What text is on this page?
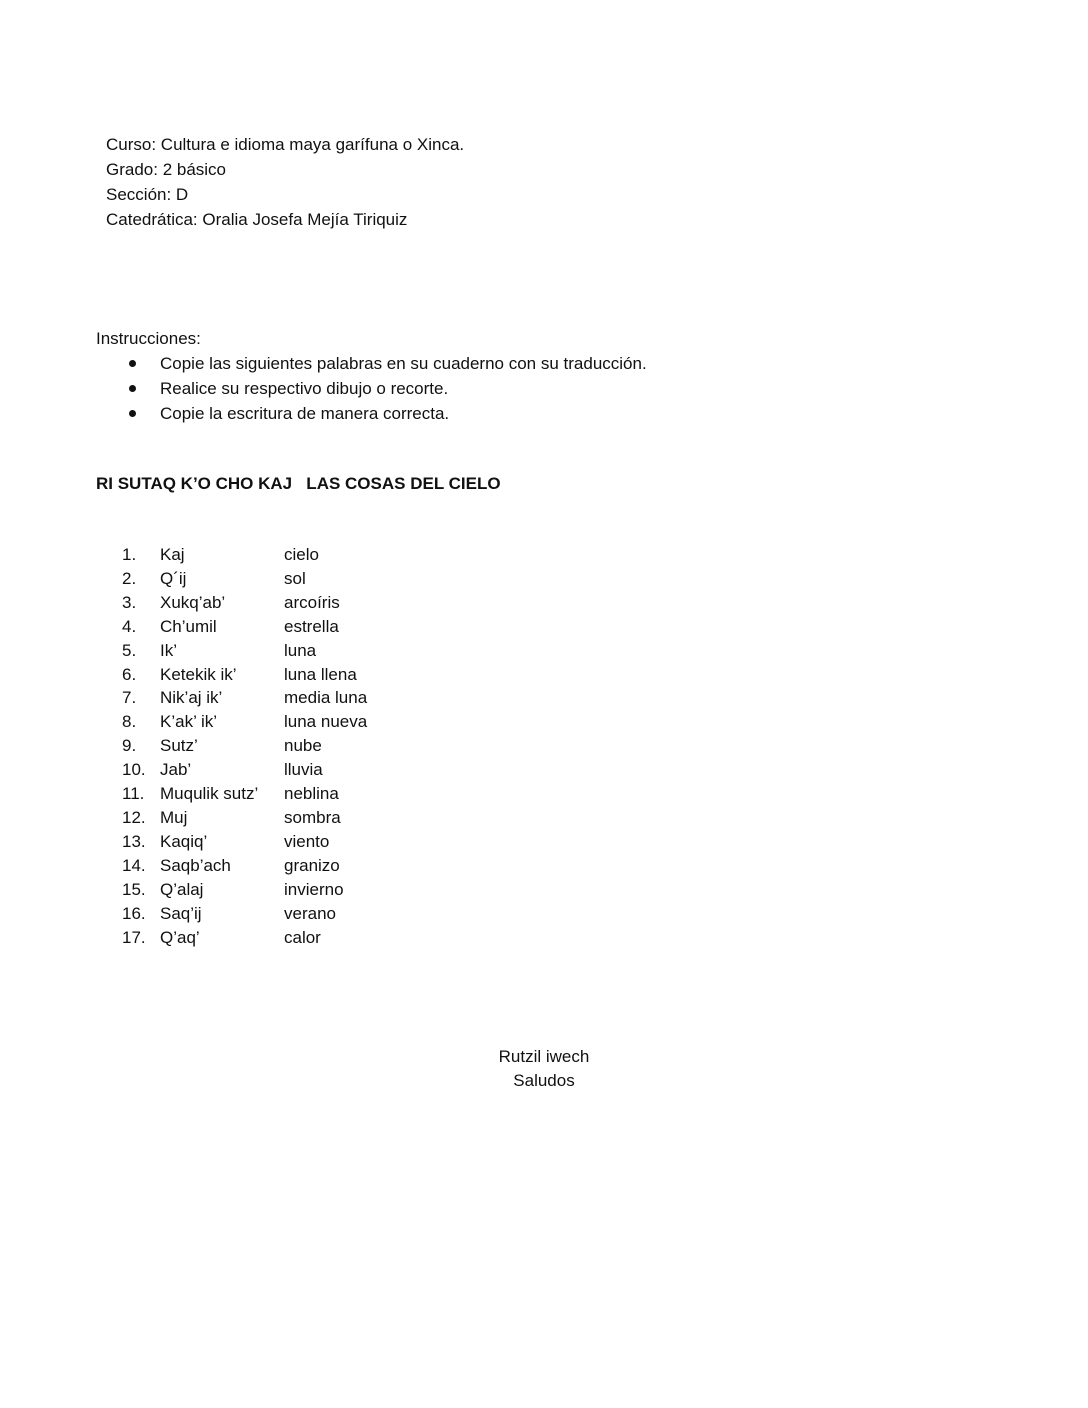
Curso: Cultura e idioma maya garífuna o Xinca.
Grado: 2 básico
Sección: D
Catedrática: Oralia Josefa Mejía Tiriquiz
Instrucciones:
Copie las siguientes palabras en su cuaderno con su traducción.
Realice su respectivo dibujo o recorte.
Copie la escritura de manera correcta.
RI SUTAQ K’O CHO KAJ   LAS COSAS DEL CIELO
1.	Kaj	cielo
2.	Q´ij	sol
3.	Xukq’ab’	arcoíris
4.	Ch’umil	estrella
5.	Ik’	luna
6.	Ketekik ik’	luna llena
7.	Nik’aj ik’	media luna
8.	K’ak’ ik’	luna nueva
9.	Sutz’	nube
10. Jab’	lluvia
11. Muqulik sutz’	neblina
12. Muj	sombra
13. Kaqiq’	viento
14. Saqb’ach	granizo
15. Q’alaj	invierno
16. Saq’ij	verano
17. Q’aq’	calor
Rutzil iwech
Saludos
